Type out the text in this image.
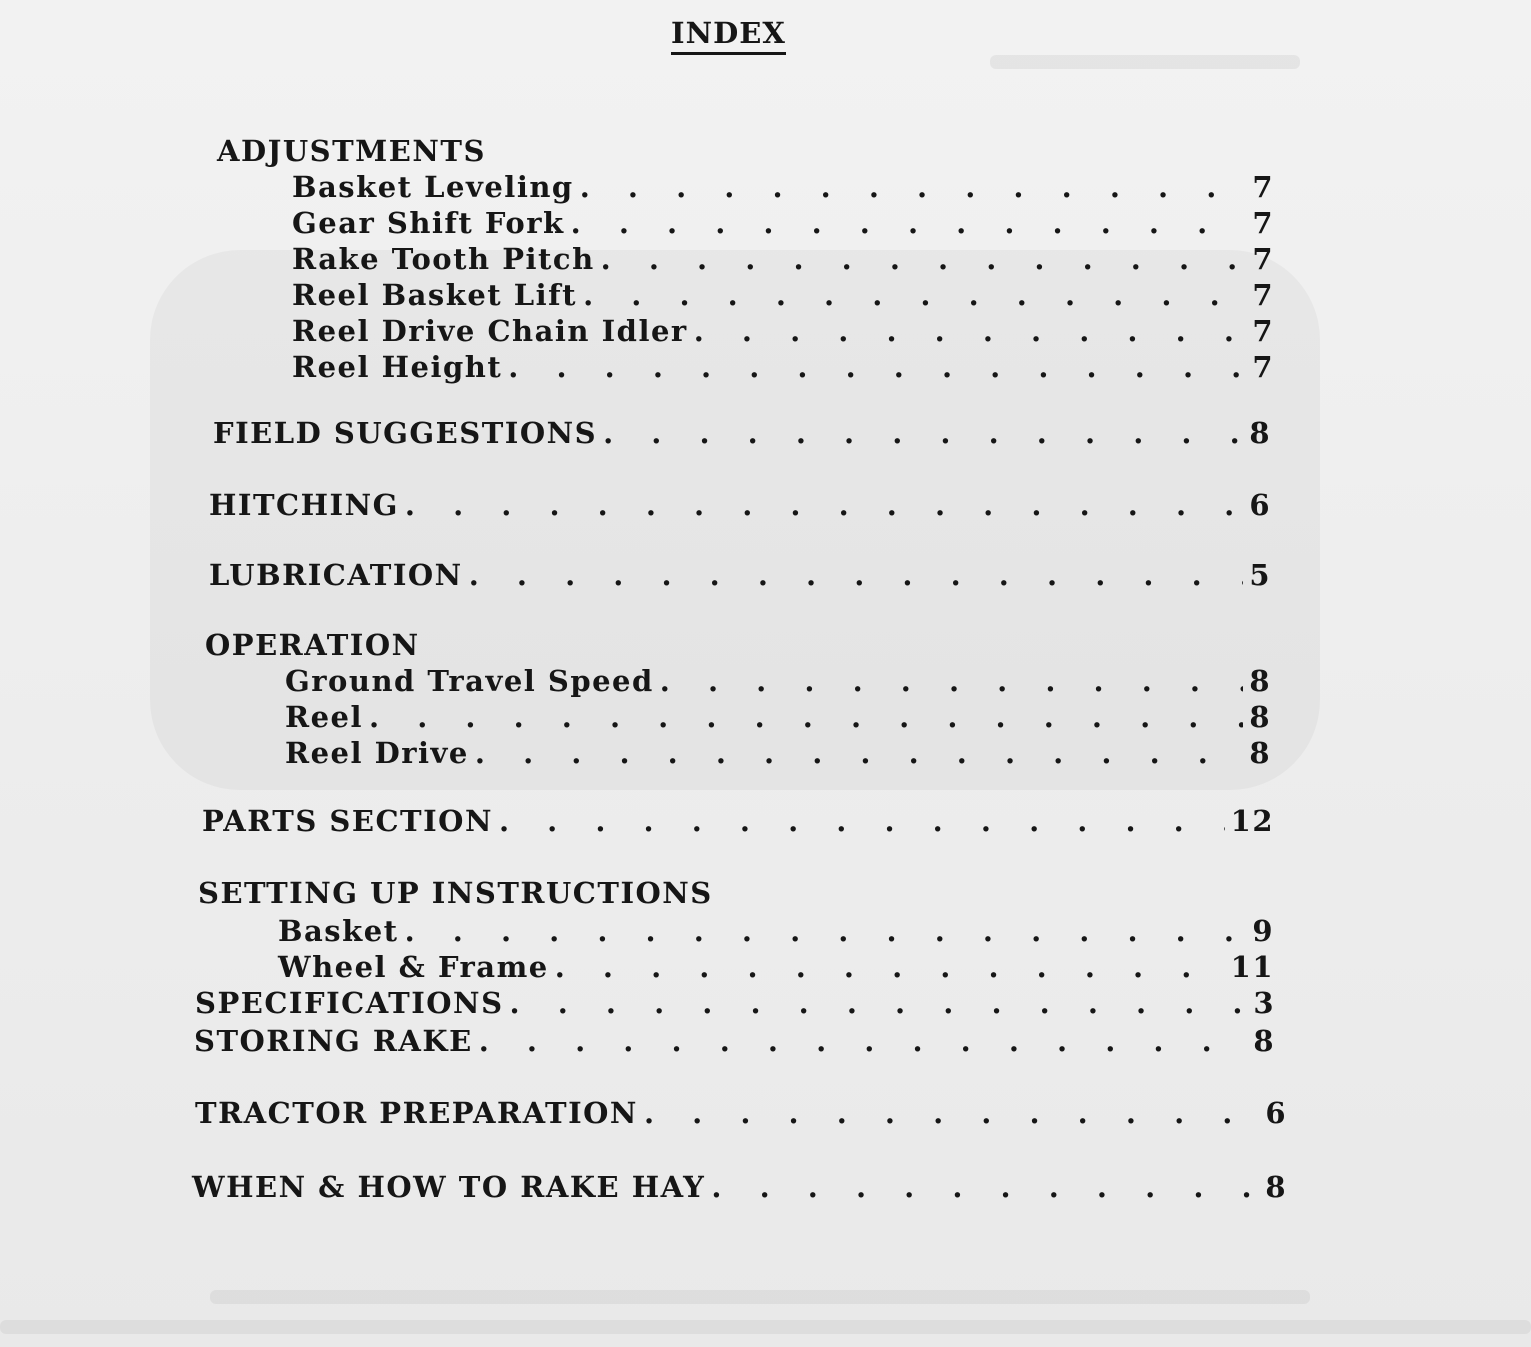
INDEX
ADJUSTMENTS
Basket Leveling . . .	7
Gear Shift Fork . . .	7
Rake Tooth Pitch . . .	7
Reel Basket Lift . . .	7
Reel Drive Chain Idler . . .	7
Reel Height . . .	7
FIELD SUGGESTIONS . . .	8
HITCHING . . .	6
LUBRICATION . . .	5
OPERATION
Ground Travel Speed . . .	8
Reel . . .	8
Reel Drive . . .	8
PARTS SECTION . . .	12
SETTING UP INSTRUCTIONS
Basket . . .	9
Wheel & Frame . . .	11
SPECIFICATIONS . . .	3
STORING RAKE . . .	8
TRACTOR PREPARATION . . .	6
WHEN & HOW TO RAKE HAY . . .	8
